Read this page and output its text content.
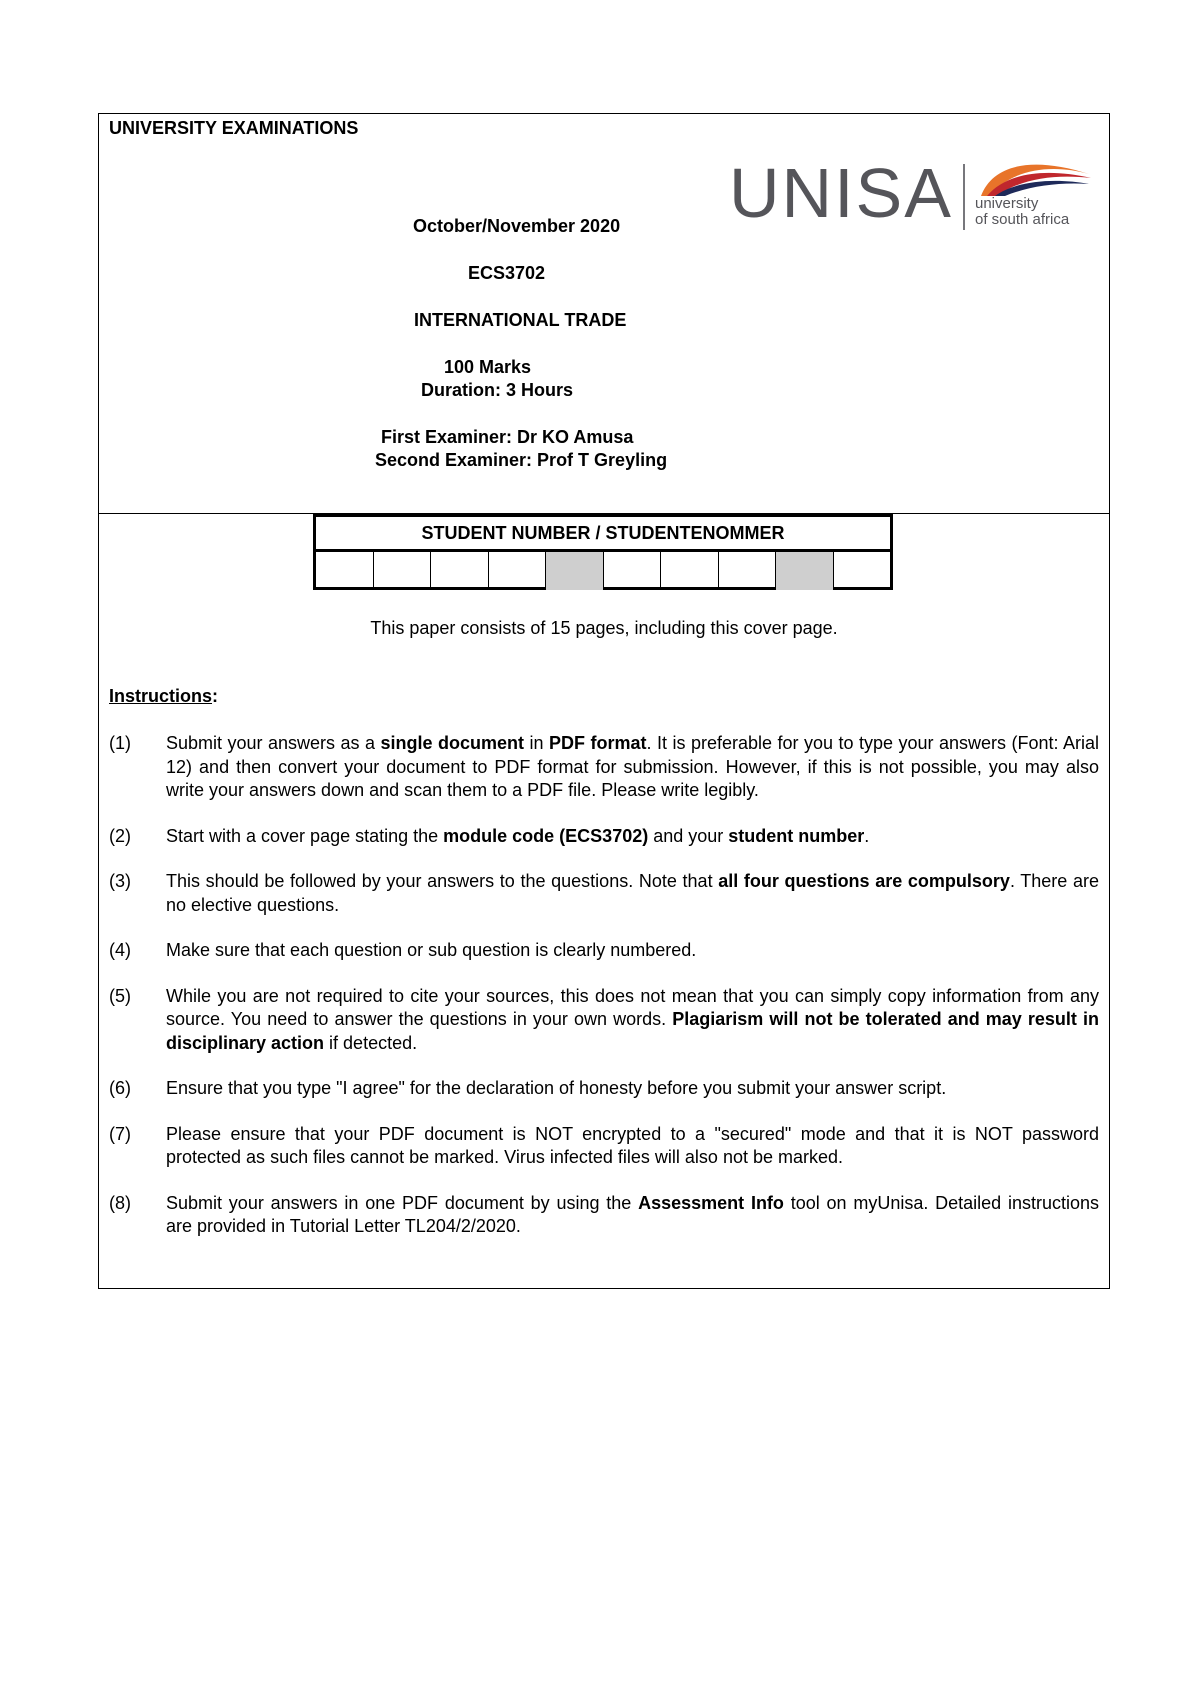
UNIVERSITY EXAMINATIONS
UNISA university
of south africa
October/November 2020
ECS3702
INTERNATIONAL TRADE
100 Marks
Duration: 3 Hours
First Examiner: Dr KO Amusa
Second Examiner: Prof T Greyling
STUDENT NUMBER / STUDENTENOMMER
This paper consists of 15 pages, including this cover page.
Instructions:
(1)	Submit your answers as a single document in PDF format. It is preferable for you to type your answers (Font: Arial 12) and then convert your document to PDF format for submission. However, if this is not possible, you may also write your answers down and scan them to a PDF file. Please write legibly.
(2)	Start with a cover page stating the module code (ECS3702) and your student number.
(3)	This should be followed by your answers to the questions. Note that all four questions are compulsory. There are no elective questions.
(4)	Make sure that each question or sub question is clearly numbered.
(5)	While you are not required to cite your sources, this does not mean that you can simply copy information from any source. You need to answer the questions in your own words. Plagiarism will not be tolerated and may result in disciplinary action if detected.
(6)	Ensure that you type "I agree" for the declaration of honesty before you submit your answer script.
(7)	Please ensure that your PDF document is NOT encrypted to a "secured" mode and that it is NOT password protected as such files cannot be marked. Virus infected files will also not be marked.
(8)	Submit your answers in one PDF document by using the Assessment Info tool on myUnisa. Detailed instructions are provided in Tutorial Letter TL204/2/2020.
